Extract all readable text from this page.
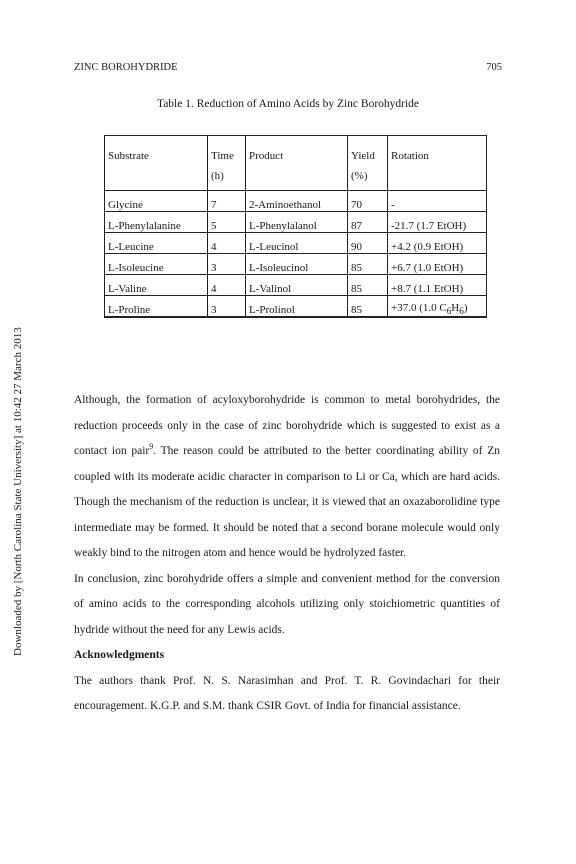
ZINC BOROHYDRIDE	705
Downloaded by [North Carolina State University] at 10:42 27 March 2013
Table 1. Reduction of Amino Acids by Zinc Borohydride
Substrate	Time	Product	Yield	Rotation
	(h)		(%)	
Glycine	7	2-Aminoethanol	70	-
L-Phenylalanine	5	L-Phenylalanol	87	-21.7 (1.7 EtOH)
L-Leucine	4	L-Leucinol	90	+4.2 (0.9 EtOH)
L-Isoleucine	3	L-Isoleucinol	85	+6.7 (1.0 EtOH)
L-Valine	4	L-Valinol	85	+8.7 (1.1 EtOH)
L-Proline	3	L-Prolinol	85	+37.0 (1.0 $C_6H_6$)

Although, the formation of acyloxyborohydride is common to metal borohydrides, the reduction proceeds only in the case of zinc borohydride which is suggested to exist as a contact ion pair$^9$. The reason could be attributed to the better coordinating ability of Zn coupled with its moderate acidic character in comparison to Li or Ca, which are hard acids. Though the mechanism of the reduction is unclear, it is viewed that an oxazaborolidine type intermediate may be formed. It should be noted that a second borane molecule would only weakly bind to the nitrogen atom and hence would be hydrolyzed faster.

In conclusion, zinc borohydride offers a simple and convenient method for the conversion of amino acids to the corresponding alcohols utilizing only stoichiometric quantities of hydride without the need for any Lewis acids.

Acknowledgments

The authors thank Prof. N. S. Narasimhan and Prof. T. R. Govindachari for their encouragement. K.G.P. and S.M. thank CSIR Govt. of India for financial assistance.
